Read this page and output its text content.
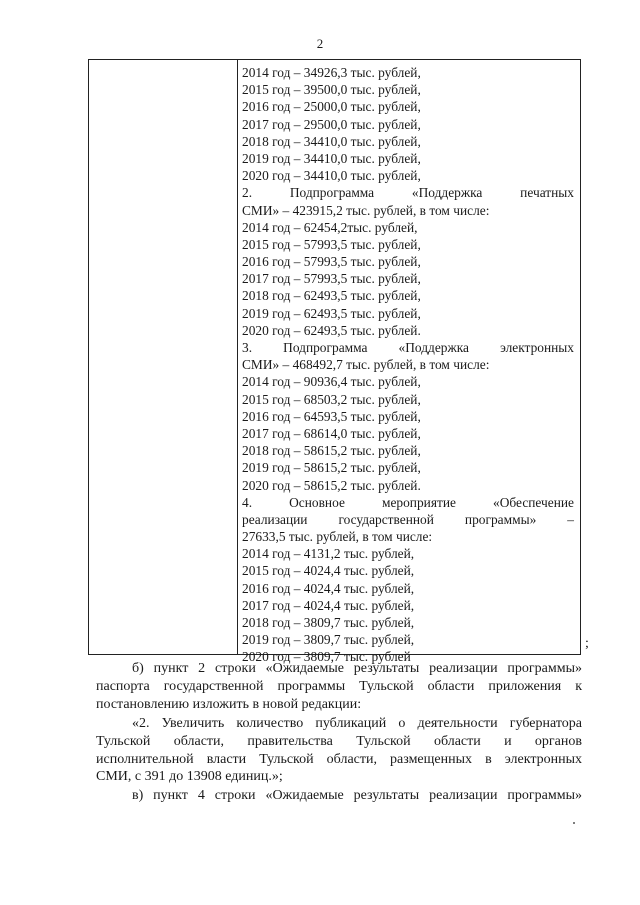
2
2014 год – 34926,3 тыс. рублей,
2015 год – 39500,0 тыс. рублей,
2016 год – 25000,0 тыс. рублей,
2017 год – 29500,0 тыс. рублей,
2018 год – 34410,0 тыс. рублей,
2019 год – 34410,0 тыс. рублей,
2020 год – 34410,0 тыс. рублей,
2. Подпрограмма «Поддержка печатных
СМИ» – 423915,2 тыс. рублей, в том числе:
2014 год – 62454,2тыс. рублей,
2015 год – 57993,5 тыс. рублей,
2016 год – 57993,5 тыс. рублей,
2017 год – 57993,5 тыс. рублей,
2018 год – 62493,5 тыс. рублей,
2019 год – 62493,5 тыс. рублей,
2020 год – 62493,5 тыс. рублей.
3. Подпрограмма «Поддержка электронных
СМИ» – 468492,7 тыс. рублей, в том числе:
2014 год – 90936,4 тыс. рублей,
2015 год – 68503,2 тыс. рублей,
2016 год – 64593,5 тыс. рублей,
2017 год – 68614,0 тыс. рублей,
2018 год – 58615,2 тыс. рублей,
2019 год – 58615,2 тыс. рублей,
2020 год – 58615,2 тыс. рублей.
4. Основное мероприятие «Обеспечение
реализации государственной программы» –
27633,5 тыс. рублей, в том числе:
2014 год – 4131,2 тыс. рублей,
2015 год – 4024,4 тыс. рублей,
2016 год – 4024,4 тыс. рублей,
2017 год – 4024,4 тыс. рублей,
2018 год – 3809,7 тыс. рублей,
2019 год – 3809,7 тыс. рублей,
2020 год – 3809,7 тыс. рублей
;
б) пункт 2 строки «Ожидаемые результаты реализации программы»
паспорта государственной программы Тульской области приложения к
постановлению изложить в новой редакции:
«2. Увеличить количество публикаций о деятельности губернатора
Тульской области, правительства Тульской области и органов
исполнительной власти Тульской области, размещенных в электронных
СМИ, с 391 до 13908 единиц.»;
в) пункт 4 строки «Ожидаемые результаты реализации программы»
